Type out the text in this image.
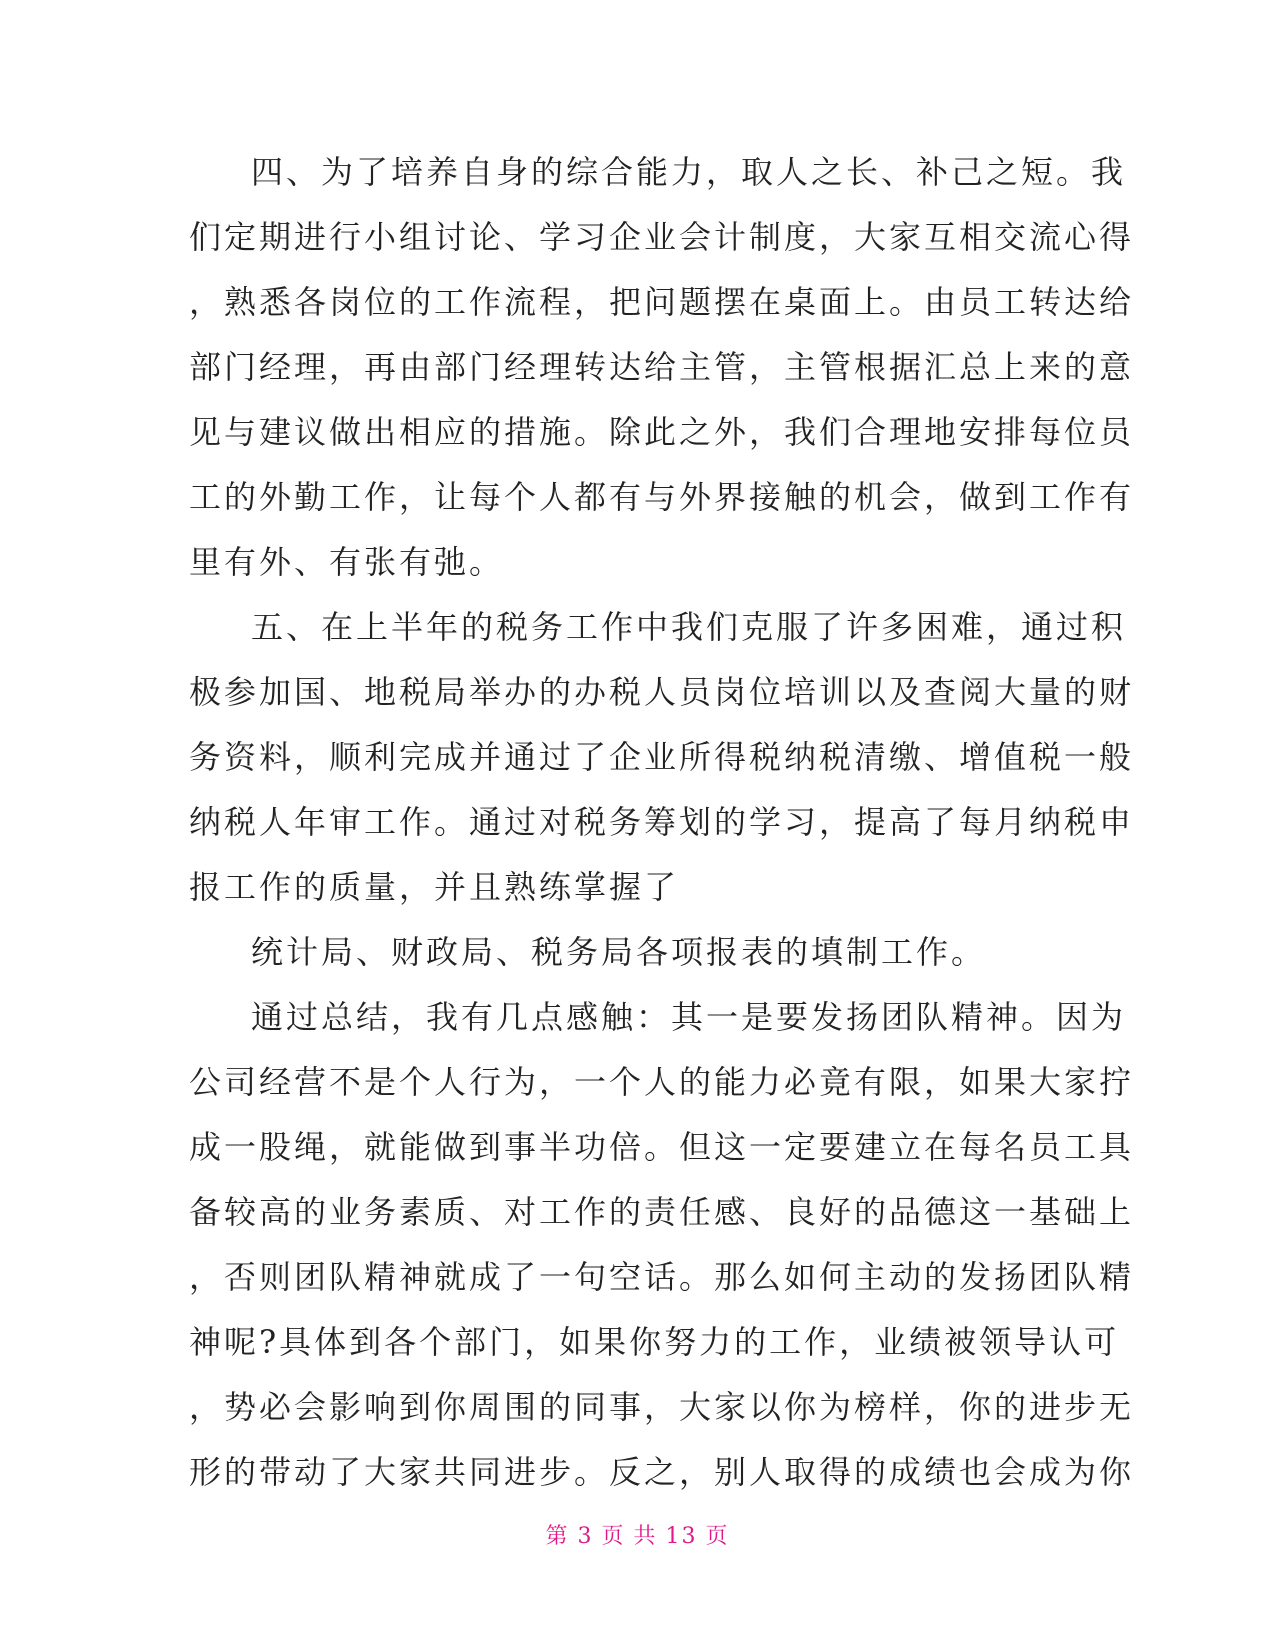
四、为了培养自身的综合能力，取人之长、补己之短。我
们定期进行小组讨论、学习企业会计制度，大家互相交流心得
，熟悉各岗位的工作流程，把问题摆在桌面上。由员工转达给
部门经理，再由部门经理转达给主管，主管根据汇总上来的意
见与建议做出相应的措施。除此之外，我们合理地安排每位员
工的外勤工作，让每个人都有与外界接触的机会，做到工作有
里有外、有张有弛。
五、在上半年的税务工作中我们克服了许多困难，通过积
极参加国、地税局举办的办税人员岗位培训以及查阅大量的财
务资料，顺利完成并通过了企业所得税纳税清缴、增值税一般
纳税人年审工作。通过对税务筹划的学习，提高了每月纳税申
报工作的质量，并且熟练掌握了
统计局、财政局、税务局各项报表的填制工作。
通过总结，我有几点感触：其一是要发扬团队精神。因为
公司经营不是个人行为，一个人的能力必竟有限，如果大家拧
成一股绳，就能做到事半功倍。但这一定要建立在每名员工具
备较高的业务素质、对工作的责任感、良好的品德这一基础上
，否则团队精神就成了一句空话。那么如何主动的发扬团队精
神呢?具体到各个部门，如果你努力的工作，业绩被领导认可
，势必会影响到你周围的同事，大家以你为榜样，你的进步无
形的带动了大家共同进步。反之，别人取得的成绩也会成为你
第 3 页 共 13 页
